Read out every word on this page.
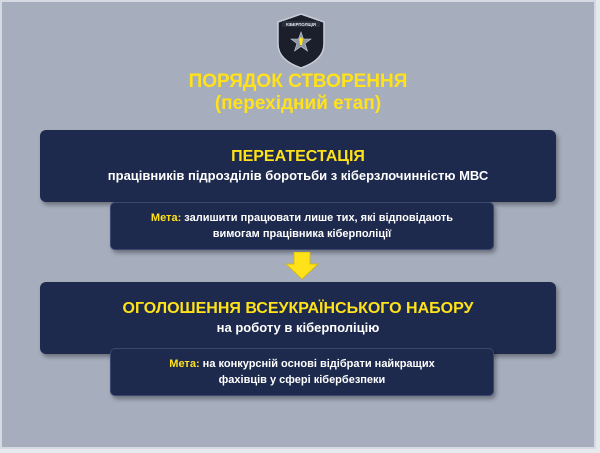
КІБЕРПОЛІЦІЯ
ПОРЯДОК СТВОРЕННЯ
(перехідний етап)
ПЕРЕАТЕСТАЦІЯ
працівників підрозділів боротьби з кіберзлочинністю МВС
Мета: залишити працювати лише тих, які відповідають
вимогам працівника кіберполіції
ОГОЛОШЕННЯ ВСЕУКРАЇНСЬКОГО НАБОРУ
на роботу в кіберполіцію
Мета: на конкурсній основі відібрати найкращих
фахівців у сфері кібербезпеки
